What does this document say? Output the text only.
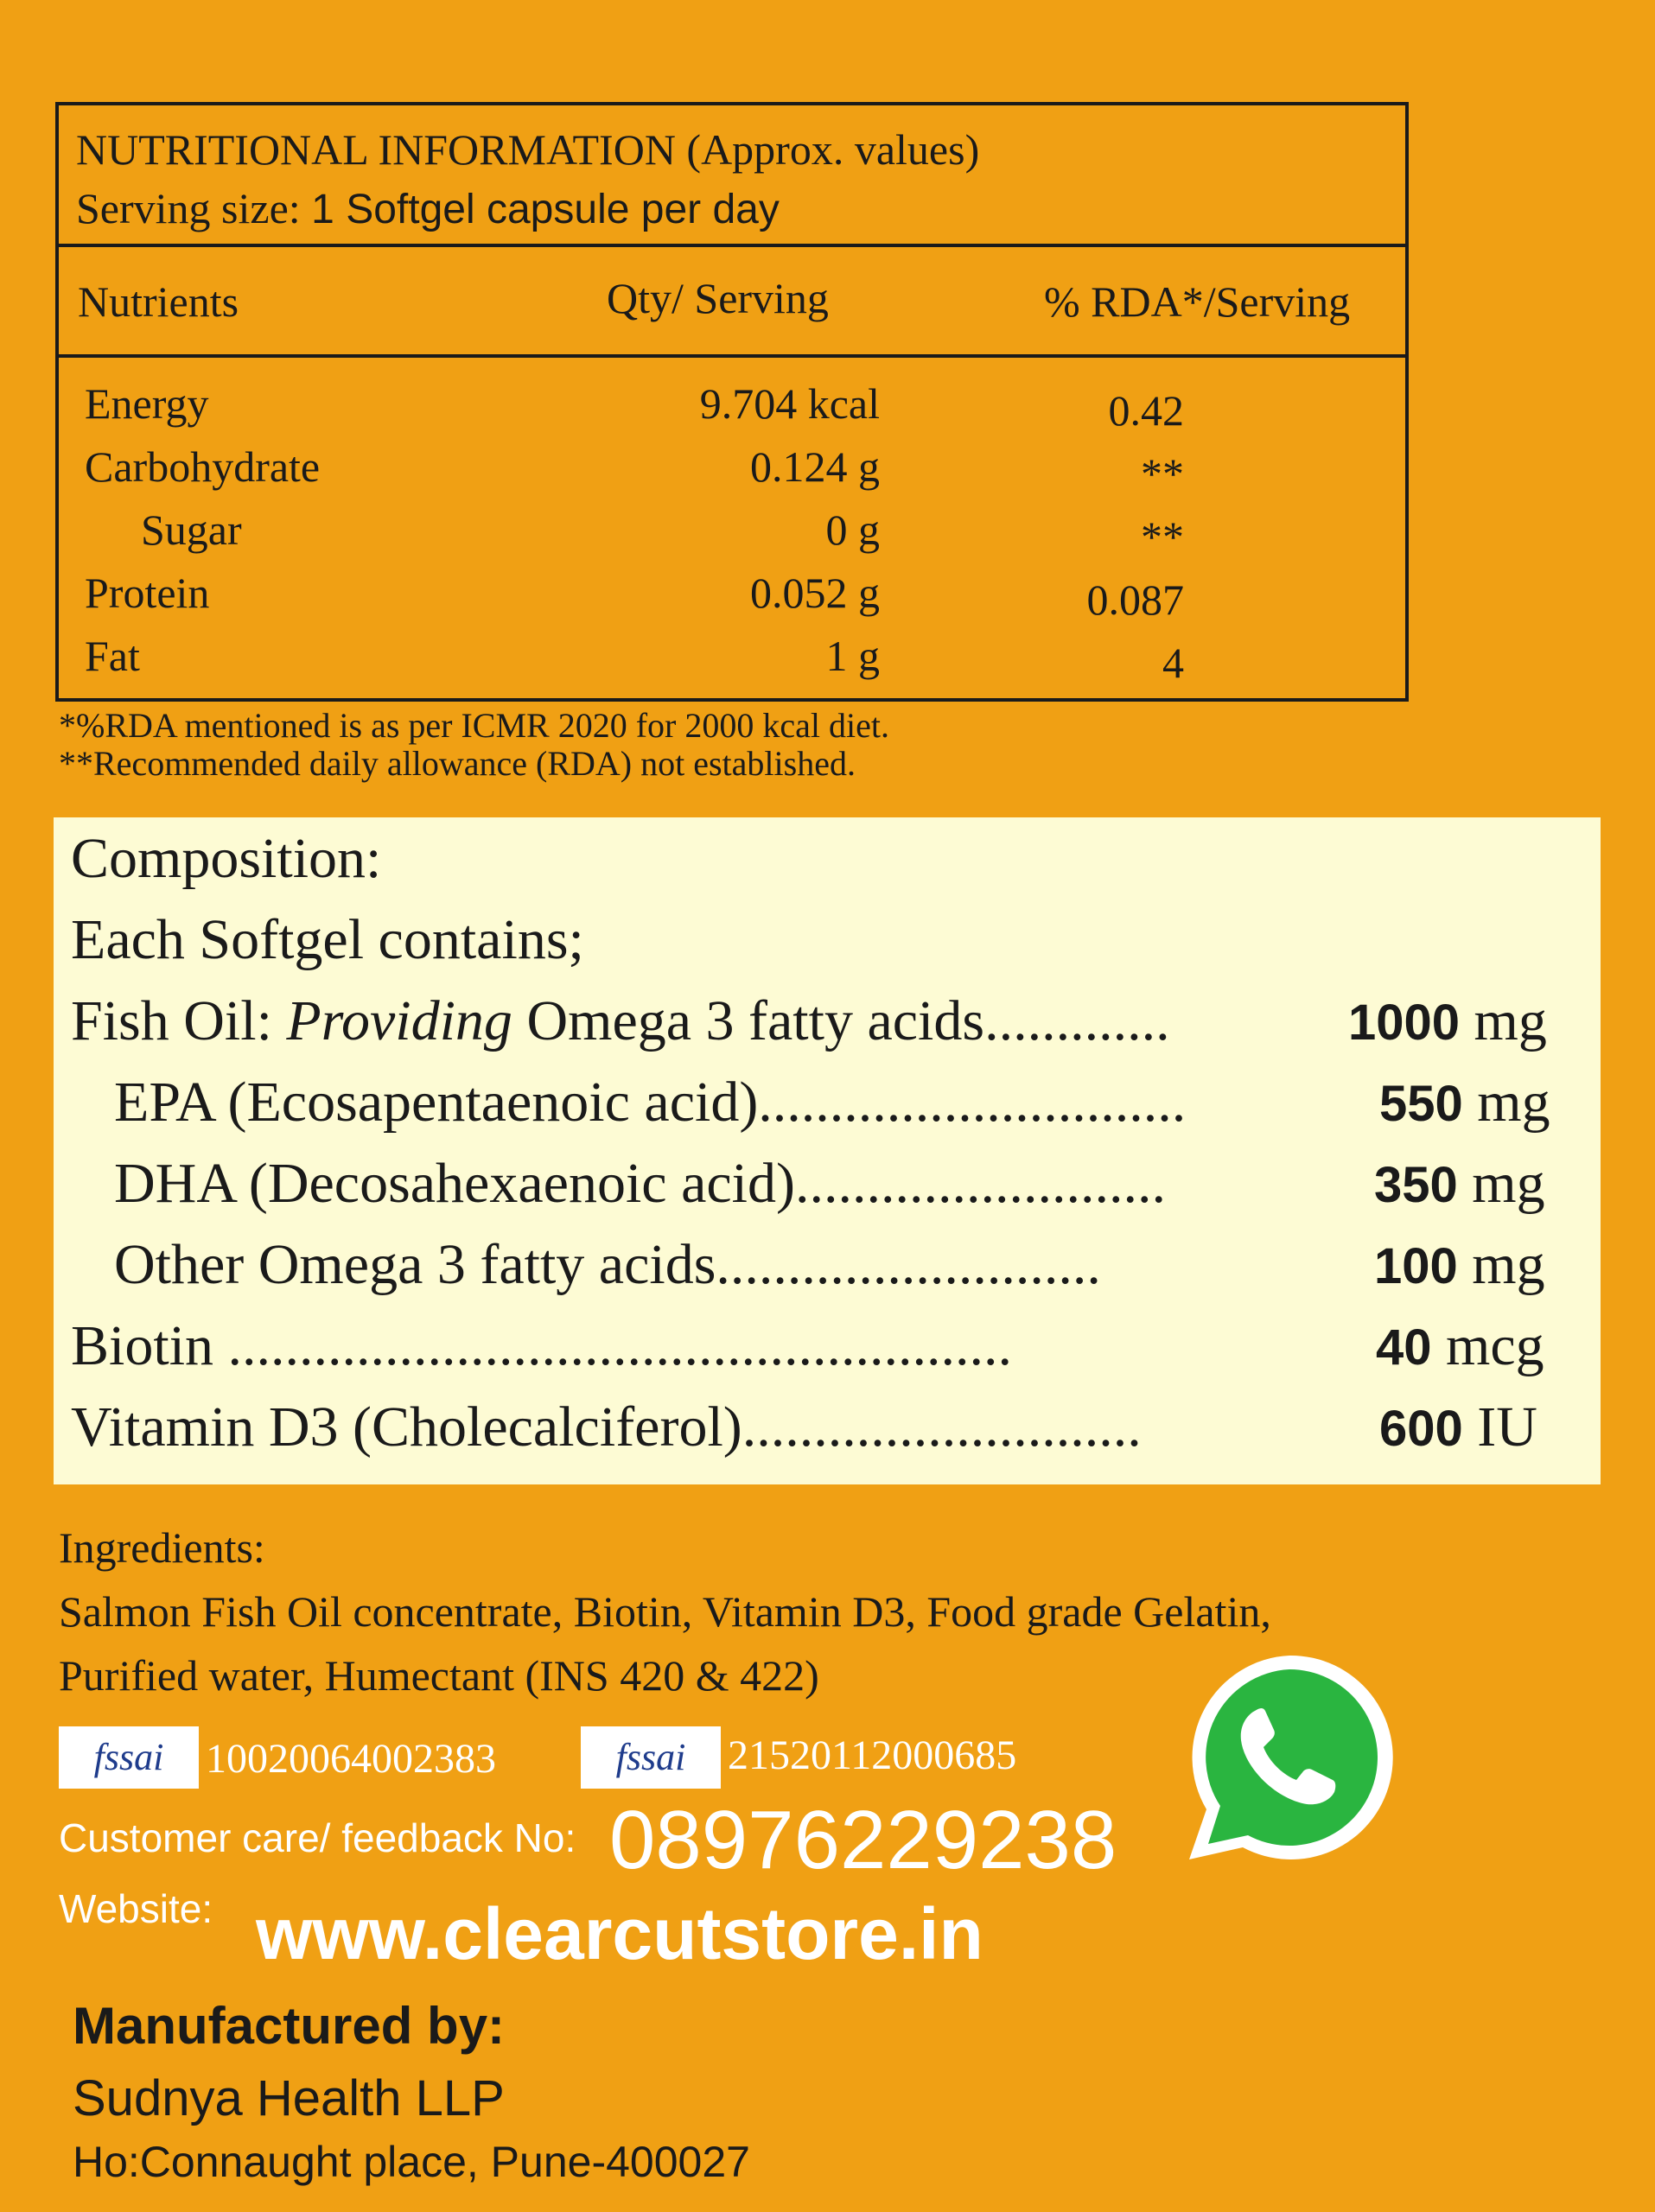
NUTRITIONAL INFORMATION (Approx. values)
Serving size: 1 Softgel capsule per day
Nutrients	Qty/ Serving	% RDA*/Serving
Energy	9.704 kcal	0.42
Carbohydrate	0.124 g	**
Sugar	0 g	**
Protein	0.052 g	0.087
Fat	1 g	4
*%RDA mentioned is as per ICMR 2020 for 2000 kcal diet.
**Recommended daily allowance (RDA) not established.
Composition:
Each Softgel contains;
Fish Oil: Providing Omega 3 fatty acids.............	1000 mg
EPA (Ecosapentaenoic acid)..............................	550 mg
DHA (Decosahexaenoic acid)..........................	350 mg
Other Omega 3 fatty acids...........................	100 mg
Biotin .......................................................	40 mcg
Vitamin D3 (Cholecalciferol)............................	600 IU
Ingredients:
Salmon Fish Oil concentrate, Biotin, Vitamin D3, Food grade Gelatin,
Purified water, Humectant (INS 420 & 422)
fssai	10020064002383	fssai	21520112000685
Customer care/ feedback No: 08976229238
Website: www.clearcutstore.in
Manufactured by:
Sudnya Health LLP
Ho:Connaught place, Pune-400027
